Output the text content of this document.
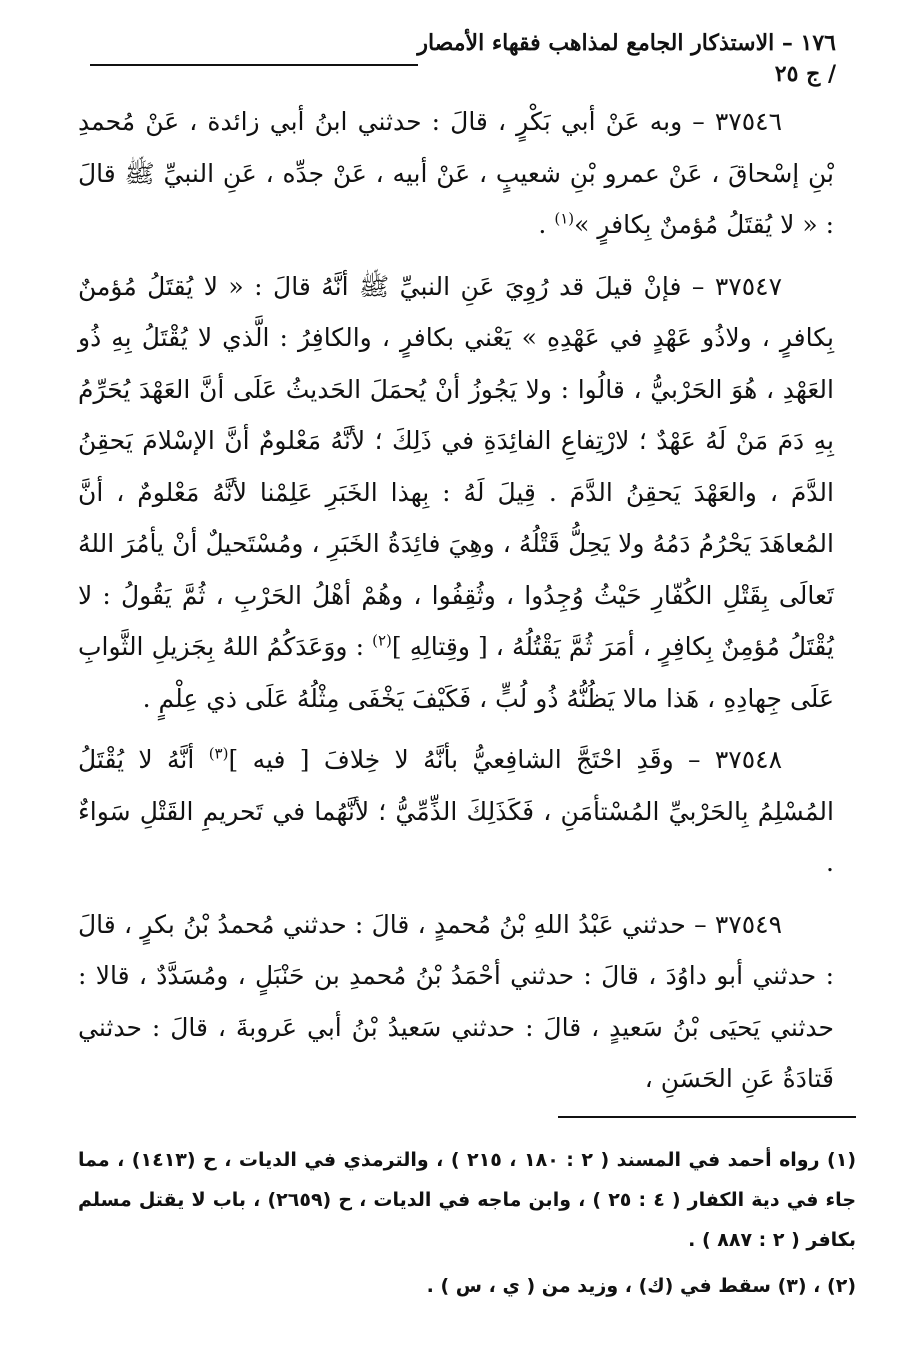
١٧٦ – الاستذكار الجامع لمذاهب فقهاء الأمصار / ج ٢٥

٣٧٥٤٦ – وبه عَنْ أبي بَكْرٍ ، قالَ : حدثني ابنُ أبي زائدة ، عَنْ مُحمدِ بْنِ إسْحاقَ ، عَنْ عمرو بْنِ شعيبٍ ، عَنْ أبيه ، عَنْ جدِّه ، عَنِ النبيِّ ﷺ قالَ : « لا يُقتَلُ مُؤمنٌ بِكافرٍ »$^{(١)}$ .

٣٧٥٤٧ – فإنْ قيلَ قد رُوِيَ عَنِ النبيِّ ﷺ أنَّهُ قالَ : « لا يُقتَلُ مُؤمنٌ بِكافرٍ ، ولاذُو عَهْدٍ في عَهْدِهِ » يَعْني بكافرٍ ، والكافِرُ : الَّذي لا يُقْتَلُ بِهِ ذُو العَهْدِ ، هُوَ الحَرْبيُّ ، قالُوا : ولا يَجُوزُ أنْ يُحمَلَ الحَديثُ عَلَى أنَّ العَهْدَ يُحَرِّمُ بِهِ دَمَ مَنْ لَهُ عَهْدٌ ؛ لارْتِفاعِ الفائِدَةِ في ذَلِكَ ؛ لأنَّهُ مَعْلومٌ أنَّ الإسْلامَ يَحقِنُ الدَّمَ ، والعَهْدَ يَحقِنُ الدَّمَ . قِيلَ لَهُ : بِهذا الخَبَرِ عَلِمْنا لأنَّهُ مَعْلومٌ ، أنَّ المُعاهَدَ يَحْرُمُ دَمُهُ ولا يَحِلُّ قَتْلُهُ ، وهِيَ فائِدَةُ الخَبَرِ ، ومُسْتَحيلٌ أنْ يأمُرَ اللهُ تَعالَى بِقَتْلِ الكُفّارِ حَيْثُ وُجِدُوا ، وثُقِفُوا ، وهُمْ أهْلُ الحَرْبِ ، ثُمَّ يَقُولُ : لا يُقْتَلُ مُؤمِنٌ بِكافِرٍ ، أمَرَ ثُمَّ يَقْتُلُهُ ، [ وقِتالِهِ ]$^{(٢)}$ : ووَعَدَكُمُ اللهُ بِجَزيلِ الثَّوابِ عَلَى جِهادِهِ ، هَذا مالا يَظُنُّهُ ذُو لُبٍّ ، فَكَيْفَ يَخْفَى مِثْلُهُ عَلَى ذي عِلْمٍ .

٣٧٥٤٨ – وقَدِ احْتَجَّ الشافِعيُّ بأنَّهُ لا خِلافَ [ فيه ]$^{(٣)}$ أنَّهُ لا يُقْتَلُ المُسْلِمُ بِالحَرْبيِّ المُسْتأمَنِ ، فَكَذَلِكَ الذِّمِّيُّ ؛ لأنَّهُما في تَحريمِ القَتْلِ سَواءٌ .

٣٧٥٤٩ – حدثني عَبْدُ اللهِ بْنُ مُحمدٍ ، قالَ : حدثني مُحمدُ بْنُ بكرٍ ، قالَ : حدثني أبو داوُدَ ، قالَ : حدثني أحْمَدُ بْنُ مُحمدِ بن حَنْبَلٍ ، ومُسَدَّدٌ ، قالا : حدثني يَحيَى بْنُ سَعيدٍ ، قالَ : حدثني سَعيدُ بْنُ أبي عَروبةَ ، قالَ : حدثني قَتادَةُ عَنِ الحَسَنِ ،

(١) رواه أحمد في المسند ( ٢ : ١٨٠ ، ٢١٥ ) ، والترمذي في الديات ، ح (١٤١٣) ، مما جاء في دية الكفار ( ٤ : ٢٥ ) ، وابن ماجه في الديات ، ح (٢٦٥٩) ، باب لا يقتل مسلم بكافر ( ٢ : ٨٨٧ ) .

(٢) ، (٣) سقط في (ك) ، وزيد من ( ي ، س ) .
